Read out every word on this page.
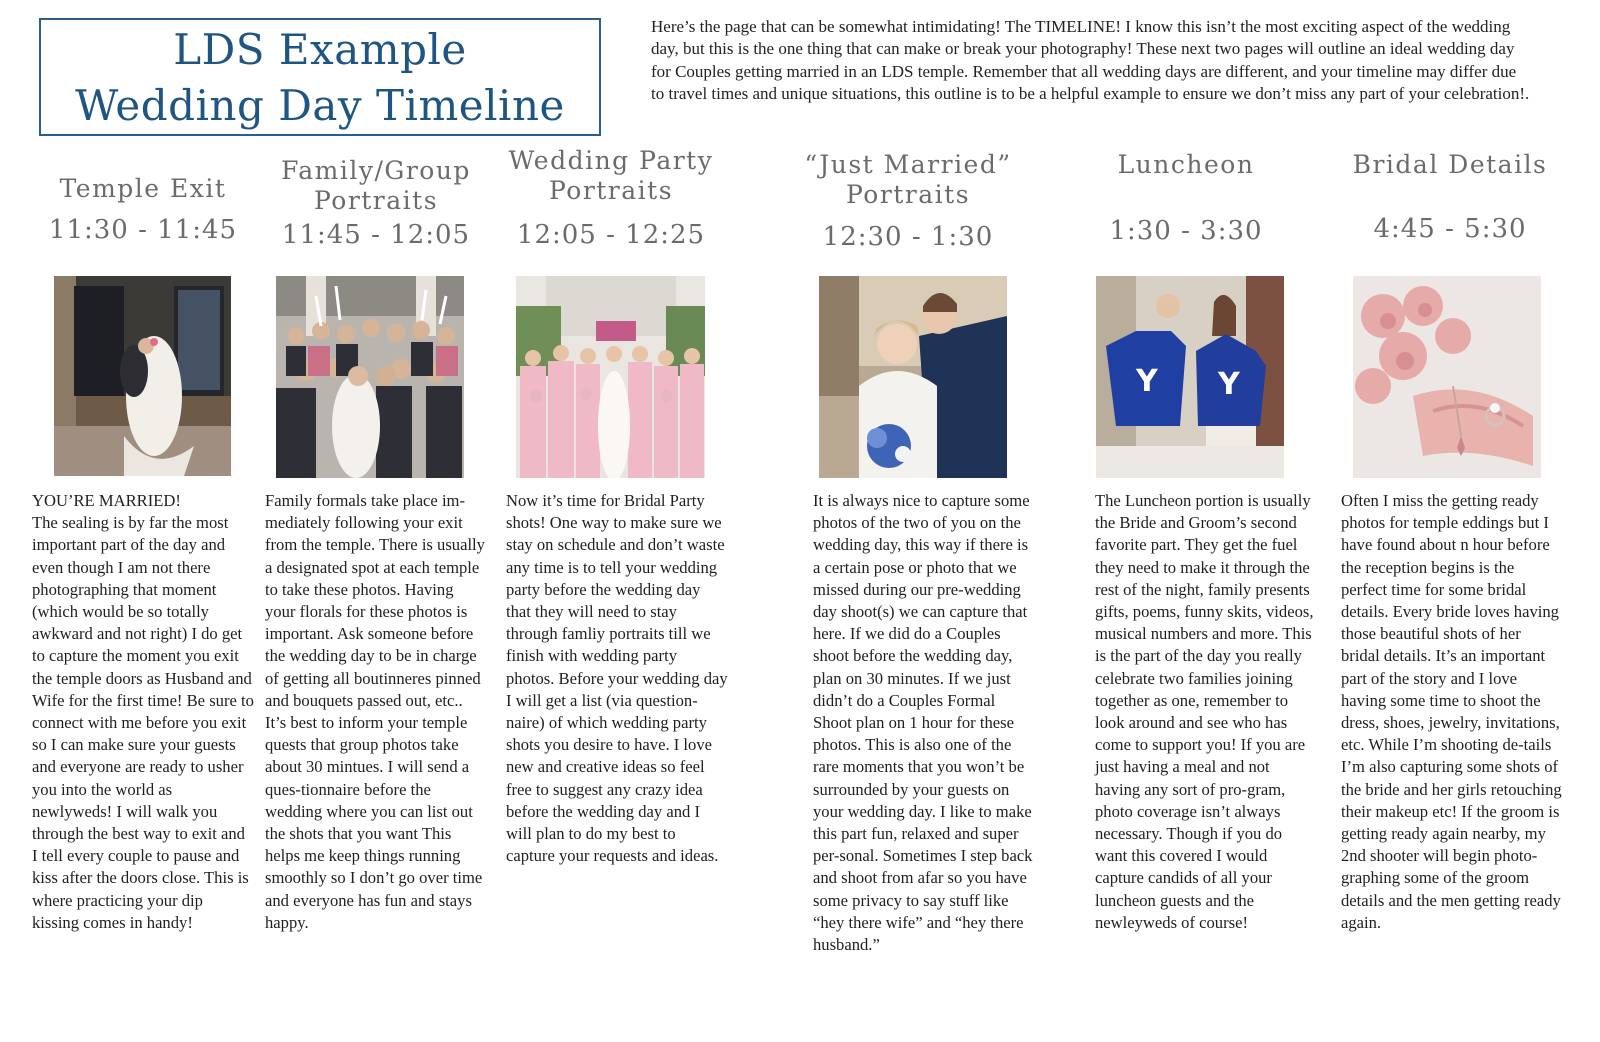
LDS Example
Wedding Day Timeline
Here’s the page that can be somewhat intimidating! The TIMELINE! I know this isn’t the most exciting aspect of the wedding day, but this is the one thing that can make or break your photography! These next two pages will outline an ideal wedding day for Couples getting married in an LDS temple. Remember that all wedding days are different, and your timeline may differ due to travel times and unique situations, this outline is to be a helpful example to ensure we don’t miss any part of your celebration!.
Temple Exit
11:30 - 11:45
YOU’RE MARRIED!
The sealing is by far the most important part of the day and even though I am not there photographing that moment (which would be so totally awkward and not right) I do get to capture the moment you exit the temple doors as Husband and Wife for the first time! Be sure to connect with me before you exit so I can make sure your guests and everyone are ready to usher you into the world as newlyweds! I will walk you through the best way to exit and I tell every couple to pause and kiss after the doors close. This is where practicing your dip kissing comes in handy!
Family/Group
Portraits
11:45 - 12:05
Family formals take place im-mediately following your exit from the temple. There is usually a designated spot at each temple to take these photos. Having your florals for these photos is important. Ask someone before the wedding day to be in charge of getting all boutinneres pinned and bouquets passed out, etc.. It’s best to inform your temple quests that group photos take about 30 mintues. I will send a ques-tionnaire before the wedding where you can list out the shots that you want This helps me keep things running smoothly so I don’t go over time and everyone has fun and stays happy.
Wedding Party
Portraits
12:05 - 12:25
Now it’s time for Bridal Party shots! One way to make sure we stay on schedule and don’t waste any time is to tell your wedding party before the wedding day that they will need to stay through famliy portraits till we finish with wedding party photos. Before your wedding day I will get a list (via question-naire) of which wedding party shots you desire to have. I love new and creative ideas so feel free to suggest any crazy idea before the wedding day and I will plan to do my best to capture your requests and ideas.
“Just Married”
Portraits
12:30 - 1:30
It is always nice to capture some photos of the two of you on the wedding day, this way if there is a certain pose or photo that we missed during our pre-wedding day shoot(s) we can capture that here. If we did do a Couples shoot before the wedding day, plan on 30 minutes. If we just didn’t do a Couples Formal Shoot plan on 1 hour for these photos. This is also one of the rare moments that you won’t be surrounded by your guests on your wedding day. I like to make this part fun, relaxed and super per-sonal. Sometimes I step back and shoot from afar so you have some privacy to say stuff like “hey there wife” and “hey there husband.”
Luncheon
1:30 - 3:30
Y Y
The Luncheon portion is usually the Bride and Groom’s second favorite part. They get the fuel they need to make it through the rest of the night, family presents gifts, poems, funny skits, videos, musical numbers and more. This is the part of the day you really celebrate two families joining together as one, remember to look around and see who has come to support you! If you are just having a meal and not having any sort of pro-gram, photo coverage isn’t always necessary. Though if you do want this covered I would capture candids of all your luncheon guests and the newleyweds of course!
Bridal Details
4:45 - 5:30
Often I miss the getting ready photos for temple eddings but I have found about n hour before the reception begins is the perfect time for some bridal details. Every bride loves having those beautiful shots of her bridal details. It’s an important part of the story and I love having some time to shoot the dress, shoes, jewelry, invitations, etc. While I’m shooting de-tails I’m also capturing some shots of the bride and her girls retouching their makeup etc! If the groom is getting ready again nearby, my 2nd shooter will begin photo-graphing some of the groom details and the men getting ready again.
